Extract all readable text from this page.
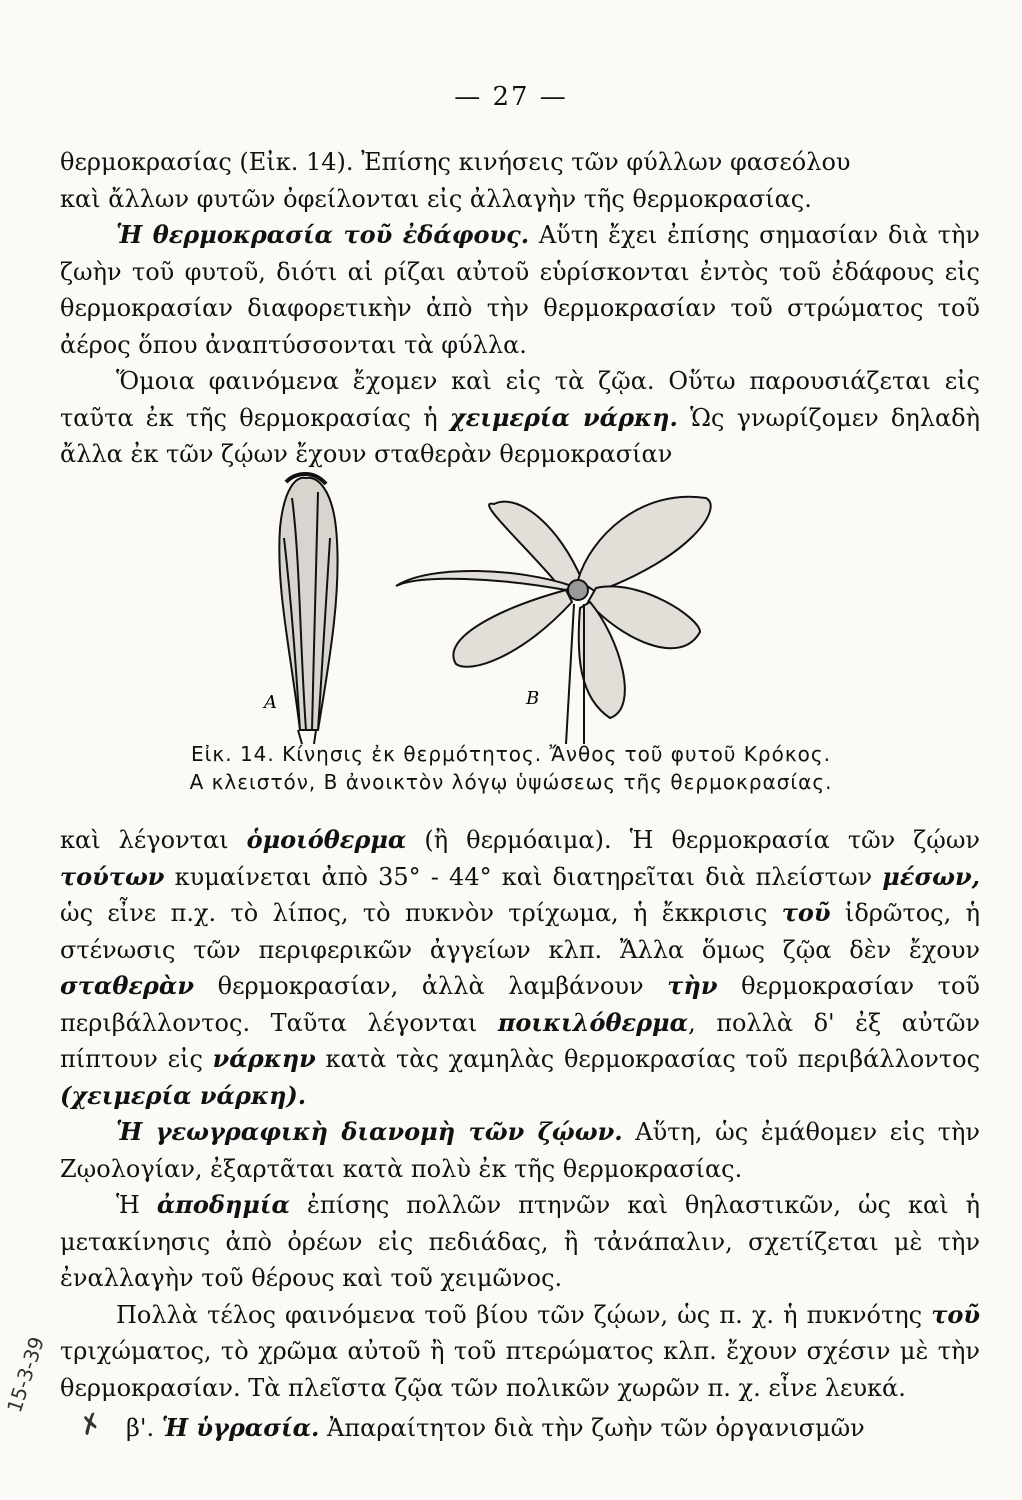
— 27 —

θερμοκρασίας (Εἰκ. 14). Ἐπίσης κινήσεις τῶν φύλλων φασεόλου

καὶ ἄλλων φυτῶν ὀφείλονται εἰς ἀλλαγὴν τῆς θερμοκρασίας.

Ἡ θερμοκρασία τοῦ ἐδάφους. Αὕτη ἔχει ἐπίσης σημασίαν διὰ τὴν ζωὴν τοῦ φυτοῦ, διότι αἱ ρίζαι αὐτοῦ εὑρίσκονται ἐντὸς τοῦ ἐδάφους εἰς θερμοκρασίαν διαφορετικὴν ἀπὸ τὴν θερμοκρασίαν τοῦ στρώματος τοῦ ἀέρος ὅπου ἀναπτύσσονται τὰ φύλλα.

Ὅμοια φαινόμενα ἔχομεν καὶ εἰς τὰ ζῷα. Οὕτω παρουσιάζεται εἰς ταῦτα ἐκ τῆς θερμοκρασίας ἡ χειμερία νάρκη. Ὡς γνωρίζομεν δηλαδὴ ἄλλα ἐκ τῶν ζῴων ἔχουν σταθερὰν θερμοκρασίαν

A	B
Εἰκ. 14. Κίνησις ἐκ θερμότητος. Ἄνθος τοῦ φυτοῦ Κρόκος.
Α κλειστόν, Β ἀνοικτὸν λόγῳ ὑψώσεως τῆς θερμοκρασίας.

καὶ λέγονται ὁμοιόθερμα (ἢ θερμόαιμα). Ἡ θερμοκρασία τῶν ζῴων τούτων κυμαίνεται ἀπὸ 35° - 44° καὶ διατηρεῖται διὰ πλείστων μέσων, ὡς εἶνε π.χ. τὸ λίπος, τὸ πυκνὸν τρίχωμα, ἡ ἔκκρισις τοῦ ἱδρῶτος, ἡ στένωσις τῶν περιφερικῶν ἀγγείων κλπ. Ἄλλα ὅμως ζῷα δὲν ἔχουν σταθερὰν θερμοκρασίαν, ἀλλὰ λαμβάνουν τὴν θερμοκρασίαν τοῦ περιβάλλοντος. Ταῦτα λέγονται ποικιλόθερμα, πολλὰ δ' ἐξ αὐτῶν πίπτουν εἰς νάρκην κατὰ τὰς χαμηλὰς θερμοκρασίας τοῦ περιβάλλοντος (χειμερία νάρκη).

Ἡ γεωγραφικὴ διανομὴ τῶν ζῴων. Αὕτη, ὡς ἐμάθομεν εἰς τὴν Ζῳολογίαν, ἐξαρτᾶται κατὰ πολὺ ἐκ τῆς θερμοκρασίας.

Ἡ ἀποδημία ἐπίσης πολλῶν πτηνῶν καὶ θηλαστικῶν, ὡς καὶ ἡ μετακίνησις ἀπὸ ὀρέων εἰς πεδιάδας, ἢ τἀνάπαλιν, σχετίζεται μὲ τὴν ἐναλλαγὴν τοῦ θέρους καὶ τοῦ χειμῶνος.

Πολλὰ τέλος φαινόμενα τοῦ βίου τῶν ζῴων, ὡς π. χ. ἡ πυκνότης τοῦ τριχώματος, τὸ χρῶμα αὐτοῦ ἢ τοῦ πτερώματος κλπ. ἔχουν σχέσιν μὲ τὴν θερμοκρασίαν. Τὰ πλεῖστα ζῷα τῶν πολικῶν χωρῶν π. χ. εἶνε λευκά.

β'. Ἡ ὑγρασία. Ἀπαραίτητον διὰ τὴν ζωὴν τῶν ὀργανισμῶν
15-3-39
✗
